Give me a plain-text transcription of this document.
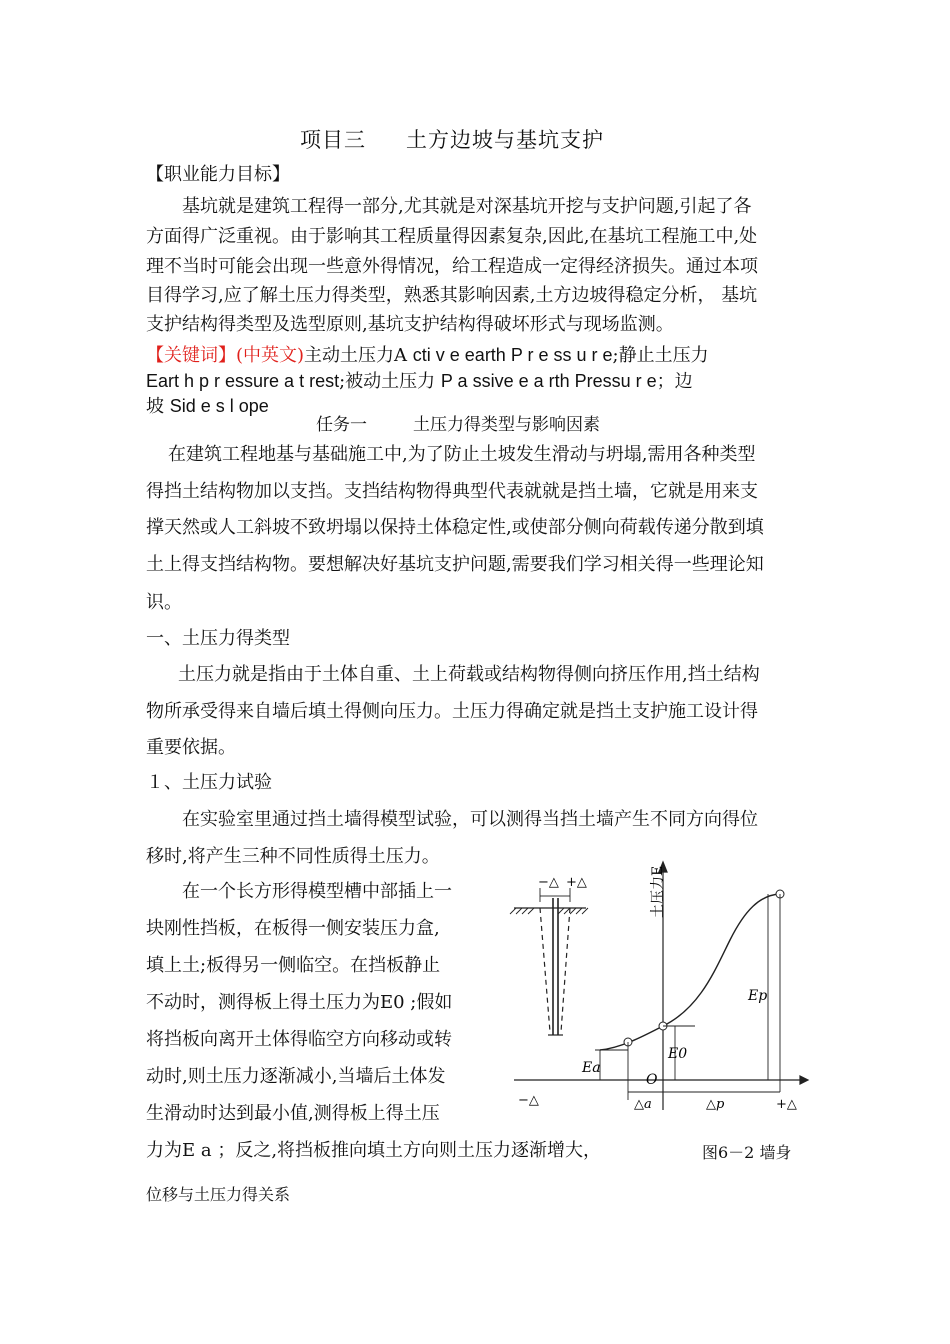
项目三 土方边坡与基坑支护
【职业能力目标】
基坑就是建筑工程得一部分,尤其就是对深基坑开挖与支护问题,引起了各
方面得广泛重视。由于影响其工程质量得因素复杂,因此,在基坑工程施工中,处
理不当时可能会出现一些意外得情况，给工程造成一定得经济损失。通过本项
目得学习,应了解土压力得类型，熟悉其影响因素,土方边坡得稳定分析， 基坑
支护结构得类型及选型原则,基坑支护结构得破坏形式与现场监测。
【关键词】(中英文)主动土压力A cti v e earth P r e ss u r e;静止土压力
Eart h p r essure a t rest;被动土压力 P a ssive e a rth Pressu r e；边
坡 Sid e s l ope
任务一	土压力得类型与影响因素
在建筑工程地基与基础施工中,为了防止土坡发生滑动与坍塌,需用各种类型
得挡土结构物加以支挡。支挡结构物得典型代表就就是挡土墙，它就是用来支
撑天然或人工斜坡不致坍塌以保持土体稳定性,或使部分侧向荷载传递分散到填
土上得支挡结构物。要想解决好基坑支护问题,需要我们学习相关得一些理论知
识。
一、土压力得类型
土压力就是指由于土体自重、土上荷载或结构物得侧向挤压作用,挡土结构
物所承受得来自墙后填土得侧向压力。土压力得确定就是挡土支护施工设计得
重要依据。
１、土压力试验
在实验室里通过挡土墙得模型试验，可以测得当挡土墙产生不同方向得位
移时,将产生三种不同性质得土压力。
在一个长方形得模型槽中部插上一
块刚性挡板，在板得一侧安装压力盒,
填上土;板得另一侧临空。在挡板静止
不动时，测得板上得土压力为E0 ;假如
将挡板向离开土体得临空方向移动或转
动时,则土压力逐渐减小,当墙后土体发
生滑动时达到最小值,测得板上得土压
力为E a ；反之,将挡板推向填土方向则土压力逐渐增大，	图6－2 墙身
位移与土压力得关系
−△ +△	土压力E
Ea
E0
Ep
O
△a	△p
−△	+△
